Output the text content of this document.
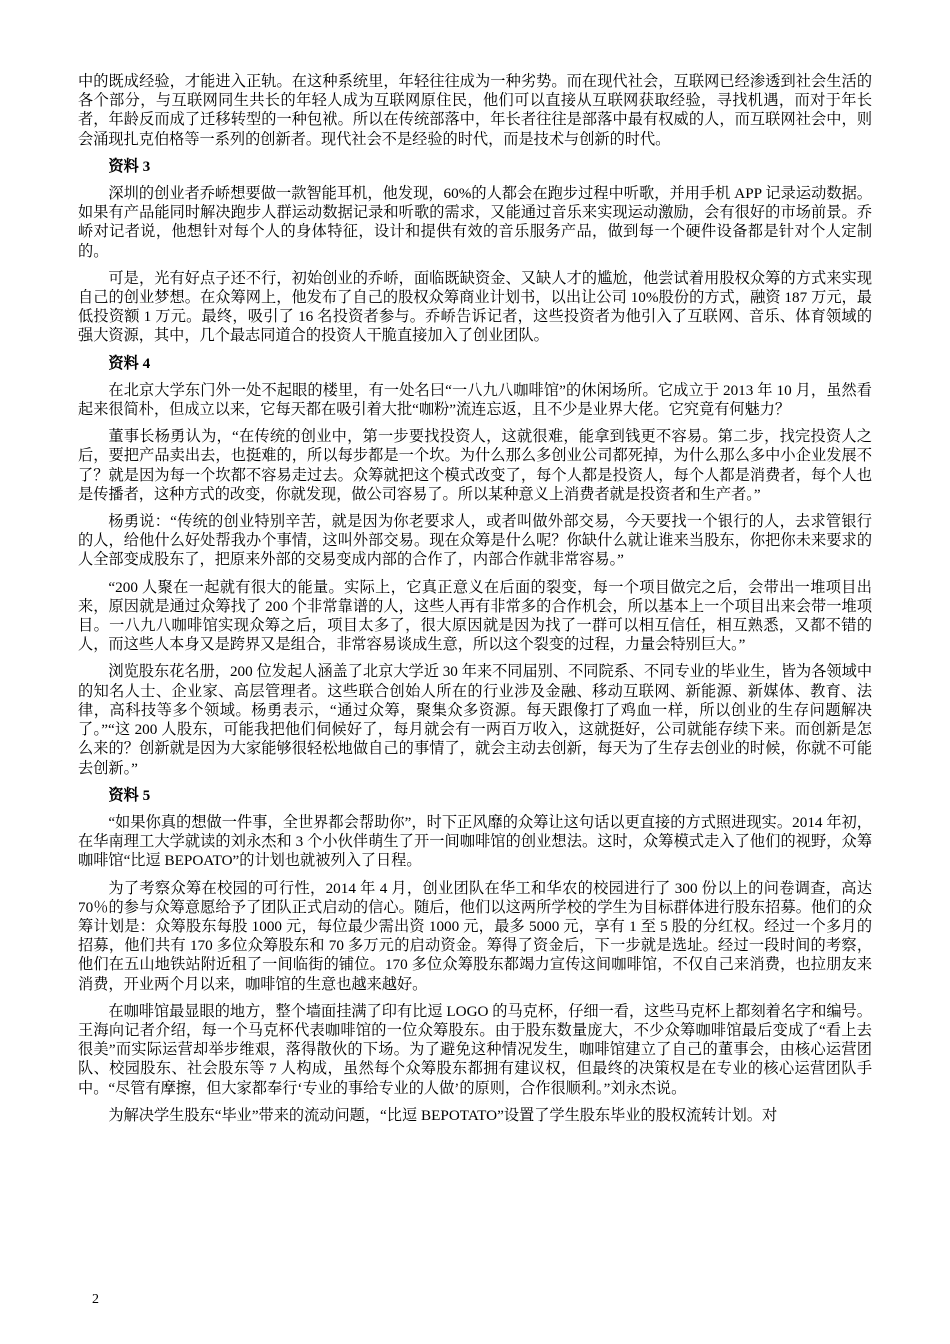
中的既成经验，才能进入正轨。在这种系统里，年轻往往成为一种劣势。而在现代社会，互联网已经渗透到社会生活的各个部分，与互联网同生共长的年轻人成为互联网原住民，他们可以直接从互联网获取经验，寻找机遇，而对于年长者，年龄反而成了迁移转型的一种包袱。所以在传统部落中，年长者往往是部落中最有权威的人，而互联网社会中，则会涌现扎克伯格等一系列的创新者。现代社会不是经验的时代，而是技术与创新的时代。

资料 3

深圳的创业者乔峤想要做一款智能耳机，他发现，60%的人都会在跑步过程中听歌，并用手机 APP 记录运动数据。如果有产品能同时解决跑步人群运动数据记录和听歌的需求，又能通过音乐来实现运动激励，会有很好的市场前景。乔峤对记者说，他想针对每个人的身体特征，设计和提供有效的音乐服务产品，做到每一个硬件设备都是针对个人定制的。

可是，光有好点子还不行，初始创业的乔峤，面临既缺资金、又缺人才的尴尬，他尝试着用股权众筹的方式来实现自己的创业梦想。在众筹网上，他发布了自己的股权众筹商业计划书，以出让公司 10%股份的方式，融资 187 万元，最低投资额 1 万元。最终，吸引了 16 名投资者参与。乔峤告诉记者，这些投资者为他引入了互联网、音乐、体育领域的强大资源，其中，几个最志同道合的投资人干脆直接加入了创业团队。

资料 4

在北京大学东门外一处不起眼的楼里，有一处名曰“一八九八咖啡馆”的休闲场所。它成立于 2013 年 10 月，虽然看起来很简朴，但成立以来，它每天都在吸引着大批“咖粉”流连忘返，且不少是业界大佬。它究竟有何魅力？

董事长杨勇认为，“在传统的创业中，第一步要找投资人，这就很难，能拿到钱更不容易。第二步，找完投资人之后，要把产品卖出去，也挺难的，所以每步都是一个坎。为什么那么多创业公司都死掉，为什么那么多中小企业发展不了？就是因为每一个坎都不容易走过去。众筹就把这个模式改变了，每个人都是投资人，每个人都是消费者，每个人也是传播者，这种方式的改变，你就发现，做公司容易了。所以某种意义上消费者就是投资者和生产者。”

杨勇说：“传统的创业特别辛苦，就是因为你老要求人，或者叫做外部交易，今天要找一个银行的人，去求管银行的人，给他什么好处帮我办个事情，这叫外部交易。现在众筹是什么呢？你缺什么就让谁来当股东，你把你未来要求的人全部变成股东了，把原来外部的交易变成内部的合作了，内部合作就非常容易。”

“200 人聚在一起就有很大的能量。实际上，它真正意义在后面的裂变，每一个项目做完之后，会带出一堆项目出来，原因就是通过众筹找了 200 个非常靠谱的人，这些人再有非常多的合作机会，所以基本上一个项目出来会带一堆项目。一八九八咖啡馆实现众筹之后，项目太多了，很大原因就是因为找了一群可以相互信任，相互熟悉，又都不错的人，而这些人本身又是跨界又是组合，非常容易谈成生意，所以这个裂变的过程，力量会特别巨大。”

浏览股东花名册，200 位发起人涵盖了北京大学近 30 年来不同届别、不同院系、不同专业的毕业生，皆为各领域中的知名人士、企业家、高层管理者。这些联合创始人所在的行业涉及金融、移动互联网、新能源、新媒体、教育、法律，高科技等多个领域。杨勇表示，“通过众筹，聚集众多资源。每天跟像打了鸡血一样，所以创业的生存问题解决了。”“这 200 人股东，可能我把他们伺候好了，每月就会有一两百万收入，这就挺好，公司就能存续下来。而创新是怎么来的？创新就是因为大家能够很轻松地做自己的事情了，就会主动去创新，每天为了生存去创业的时候，你就不可能去创新。”

资料 5

“如果你真的想做一件事，全世界都会帮助你”，时下正风靡的众筹让这句话以更直接的方式照进现实。2014 年初，在华南理工大学就读的刘永杰和 3 个小伙伴萌生了开一间咖啡馆的创业想法。这时，众筹模式走入了他们的视野，众筹咖啡馆“比逗 BEPOATO”的计划也就被列入了日程。

为了考察众筹在校园的可行性，2014 年 4 月，创业团队在华工和华农的校园进行了 300 份以上的问卷调查，高达 70％的参与众筹意愿给予了团队正式启动的信心。随后，他们以这两所学校的学生为目标群体进行股东招募。他们的众筹计划是：众筹股东每股 1000 元，每位最少需出资 1000 元，最多 5000 元，享有 1 至 5 股的分红权。经过一个多月的招募，他们共有 170 多位众筹股东和 70 多万元的启动资金。筹得了资金后，下一步就是选址。经过一段时间的考察，他们在五山地铁站附近租了一间临街的铺位。170 多位众筹股东都竭力宣传这间咖啡馆，不仅自己来消费，也拉朋友来消费，开业两个月以来，咖啡馆的生意也越来越好。

在咖啡馆最显眼的地方，整个墙面挂满了印有比逗 LOGO 的马克杯，仔细一看，这些马克杯上都刻着名字和编号。王海向记者介绍，每一个马克杯代表咖啡馆的一位众筹股东。由于股东数量庞大，不少众筹咖啡馆最后变成了“看上去很美”而实际运营却举步维艰，落得散伙的下场。为了避免这种情况发生，咖啡馆建立了自己的董事会，由核心运营团队、校园股东、社会股东等 7 人构成，虽然每个众筹股东都拥有建议权，但最终的决策权是在专业的核心运营团队手中。“尽管有摩擦，但大家都奉行‘专业的事给专业的人做’的原则，合作很顺利。”刘永杰说。

为解决学生股东“毕业”带来的流动问题，“比逗 BEPOTATO”设置了学生股东毕业的股权流转计划。对

2
